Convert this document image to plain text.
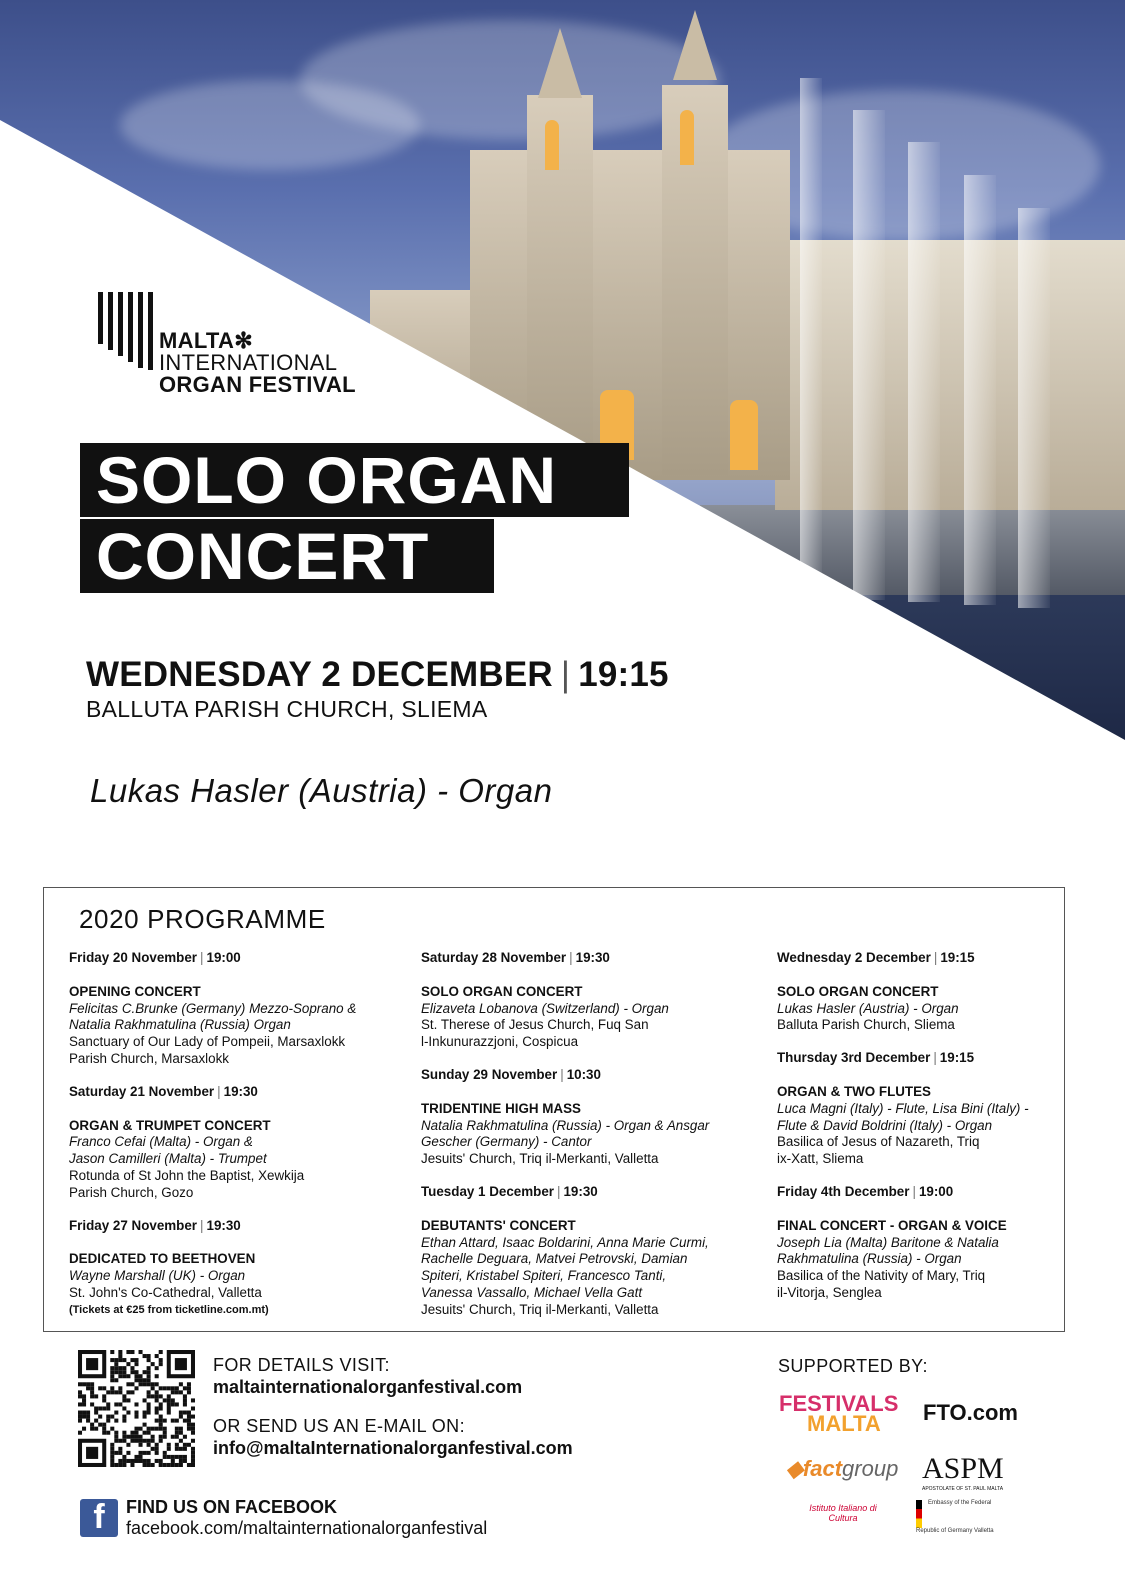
MALTA✻
INTERNATIONAL
ORGAN FESTIVAL
SOLO ORGAN
CONCERT
WEDNESDAY 2 DECEMBER | 19:15
BALLUTA PARISH CHURCH, SLIEMA
Lukas Hasler (Austria) - Organ
2020 PROGRAMME
Friday 20 November | 19:00
OPENING CONCERT
Felicitas C.Brunke (Germany) Mezzo-Soprano &
Natalia Rakhmatulina (Russia) Organ
Sanctuary of Our Lady of Pompeii, Marsaxlokk
Parish Church, Marsaxlokk
Saturday 21 November | 19:30
ORGAN & TRUMPET CONCERT
Franco Cefai (Malta) - Organ &
Jason Camilleri (Malta) - Trumpet
Rotunda of St John the Baptist, Xewkija
Parish Church, Gozo
Friday 27 November | 19:30
DEDICATED TO BEETHOVEN
Wayne Marshall (UK) - Organ
St. John's Co-Cathedral, Valletta
(Tickets at €25 from ticketline.com.mt)
Saturday 28 November | 19:30
SOLO ORGAN CONCERT
Elizaveta Lobanova (Switzerland) - Organ
St. Therese of Jesus Church, Fuq San
l-Inkunurazzjoni, Cospicua
Sunday 29 November | 10:30
TRIDENTINE HIGH MASS
Natalia Rakhmatulina (Russia) - Organ & Ansgar
Gescher (Germany) - Cantor
Jesuits' Church, Triq il-Merkanti, Valletta
Tuesday 1 December | 19:30
DEBUTANTS' CONCERT
Ethan Attard, Isaac Boldarini, Anna Marie Curmi,
Rachelle Deguara, Matvei Petrovski, Damian
Spiteri, Kristabel Spiteri, Francesco Tanti,
Vanessa Vassallo, Michael Vella Gatt
Jesuits' Church, Triq il-Merkanti, Valletta
Wednesday 2 December | 19:15
SOLO ORGAN CONCERT
Lukas Hasler (Austria) - Organ
Balluta Parish Church, Sliema
Thursday 3rd December | 19:15
ORGAN & TWO FLUTES
Luca Magni (Italy) - Flute, Lisa Bini (Italy) -
Flute & David Boldrini (Italy) - Organ
Basilica of Jesus of Nazareth, Triq
ix-Xatt, Sliema
Friday 4th December | 19:00
FINAL CONCERT - ORGAN & VOICE
Joseph Lia (Malta) Baritone & Natalia
Rakhmatulina (Russia) - Organ
Basilica of the Nativity of Mary, Triq
il-Vitorja, Senglea
FOR DETAILS VISIT:
maltainternationalorganfestival.com
OR SEND US AN E-MAIL ON:
info@maltaInternationalorganfestival.com
f	FIND US ON FACEBOOK
facebook.com/maltainternationalorganfestival
SUPPORTED BY:
FESTIVALS
MALTA	FTO.com
◆factgroup ASPM
APOSTOLATE OF ST. PAUL MALTA
Istituto Italiano di Cultura
Embassy of the Federal Republic of Germany Valletta
